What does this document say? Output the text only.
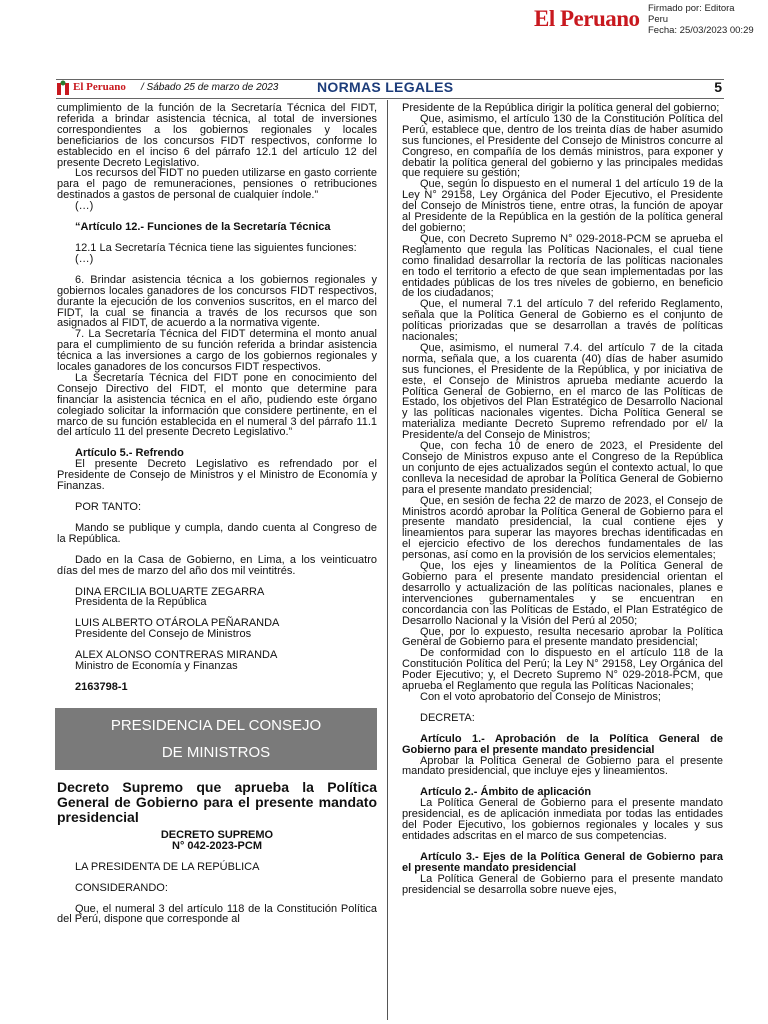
El Peruano Firmado por: Editora
Peru
Fecha: 25/03/2023 00:29
El Peruano / Sábado 25 de marzo de 2023	NORMAS LEGALES	5

cumplimiento de la función de la Secretaría Técnica del FIDT, referida a brindar asistencia técnica, al total de inversiones correspondientes a los gobiernos regionales y locales beneficiarios de los concursos FIDT respectivos, conforme lo establecido en el inciso 6 del párrafo 12.1 del artículo 12 del presente Decreto Legislativo.

Los recursos del FIDT no pueden utilizarse en gasto corriente para el pago de remuneraciones, pensiones o retribuciones destinados a gastos de personal de cualquier índole.”

(…)

“Artículo 12.- Funciones de la Secretaría Técnica

12.1 La Secretaría Técnica tiene las siguientes funciones:

(…)

6. Brindar asistencia técnica a los gobiernos regionales y gobiernos locales ganadores de los concursos FIDT respectivos, durante la ejecución de los convenios suscritos, en el marco del FIDT, la cual se financia a través de los recursos que son asignados al FIDT, de acuerdo a la normativa vigente.

7. La Secretaría Técnica del FIDT determina el monto anual para el cumplimiento de su función referida a brindar asistencia técnica a las inversiones a cargo de los gobiernos regionales y locales ganadores de los concursos FIDT respectivos.

La Secretaría Técnica del FIDT pone en conocimiento del Consejo Directivo del FIDT, el monto que determine para financiar la asistencia técnica en el año, pudiendo este órgano colegiado solicitar la información que considere pertinente, en el marco de su función establecida en el numeral 3 del párrafo 11.1 del artículo 11 del presente Decreto Legislativo.”

Artículo 5.- Refrendo

El presente Decreto Legislativo es refrendado por el Presidente de Consejo de Ministros y el Ministro de Economía y Finanzas.

POR TANTO:

Mando se publique y cumpla, dando cuenta al Congreso de la República.

Dado en la Casa de Gobierno, en Lima, a los veinticuatro días del mes de marzo del año dos mil veintitrés.

DINA ERCILIA BOLUARTE ZEGARRA

Presidenta de la República

LUIS ALBERTO OTÁROLA PEÑARANDA

Presidente del Consejo de Ministros

ALEX ALONSO CONTRERAS MIRANDA

Ministro de Economía y Finanzas

2163798-1

PRESIDENCIA DEL CONSEJO
DE MINISTROS

Decreto Supremo que aprueba la Política General de Gobierno para el presente mandato presidencial

DECRETO SUPREMO

N° 042-2023-PCM

LA PRESIDENTA DE LA REPÚBLICA

CONSIDERANDO:

Que, el numeral 3 del artículo 118 de la Constitución Política del Perú, dispone que corresponde al

Presidente de la República dirigir la política general del gobierno;

Que, asimismo, el artículo 130 de la Constitución Política del Perú, establece que, dentro de los treinta días de haber asumido sus funciones, el Presidente del Consejo de Ministros concurre al Congreso, en compañía de los demás ministros, para exponer y debatir la política general del gobierno y las principales medidas que requiere su gestión;

Que, según lo dispuesto en el numeral 1 del artículo 19 de la Ley N° 29158, Ley Orgánica del Poder Ejecutivo, el Presidente del Consejo de Ministros tiene, entre otras, la función de apoyar al Presidente de la República en la gestión de la política general del gobierno;

Que, con Decreto Supremo N° 029-2018-PCM se aprueba el Reglamento que regula las Políticas Nacionales, el cual tiene como finalidad desarrollar la rectoría de las políticas nacionales en todo el territorio a efecto de que sean implementadas por las entidades públicas de los tres niveles de gobierno, en beneficio de los ciudadanos;

Que, el numeral 7.1 del artículo 7 del referido Reglamento, señala que la Política General de Gobierno es el conjunto de políticas priorizadas que se desarrollan a través de políticas nacionales;

Que, asimismo, el numeral 7.4. del artículo 7 de la citada norma, señala que, a los cuarenta (40) días de haber asumido sus funciones, el Presidente de la República, y por iniciativa de este, el Consejo de Ministros aprueba mediante acuerdo la Política General de Gobierno, en el marco de las Políticas de Estado, los objetivos del Plan Estratégico de Desarrollo Nacional y las políticas nacionales vigentes. Dicha Política General se materializa mediante Decreto Supremo refrendado por el/ la Presidente/a del Consejo de Ministros;

Que, con fecha 10 de enero de 2023, el Presidente del Consejo de Ministros expuso ante el Congreso de la República un conjunto de ejes actualizados según el contexto actual, lo que conlleva la necesidad de aprobar la Política General de Gobierno para el presente mandato presidencial;

Que, en sesión de fecha 22 de marzo de 2023, el Consejo de Ministros acordó aprobar la Política General de Gobierno para el presente mandato presidencial, la cual contiene ejes y lineamientos para superar las mayores brechas identificadas en el ejercicio efectivo de los derechos fundamentales de las personas, así como en la provisión de los servicios elementales;

Que, los ejes y lineamientos de la Política General de Gobierno para el presente mandato presidencial orientan el desarrollo y actualización de las políticas nacionales, planes e intervenciones gubernamentales y se encuentran en concordancia con las Políticas de Estado, el Plan Estratégico de Desarrollo Nacional y la Visión del Perú al 2050;

Que, por lo expuesto, resulta necesario aprobar la Política General de Gobierno para el presente mandato presidencial;

De conformidad con lo dispuesto en el artículo 118 de la Constitución Política del Perú; la Ley N° 29158, Ley Orgánica del Poder Ejecutivo; y, el Decreto Supremo N° 029-2018-PCM, que aprueba el Reglamento que regula las Políticas Nacionales;

Con el voto aprobatorio del Consejo de Ministros;

DECRETA:

Artículo 1.- Aprobación de la Política General de Gobierno para el presente mandato presidencial

Aprobar la Política General de Gobierno para el presente mandato presidencial, que incluye ejes y lineamientos.

Artículo 2.- Ámbito de aplicación

La Política General de Gobierno para el presente mandato presidencial, es de aplicación inmediata por todas las entidades del Poder Ejecutivo, los gobiernos regionales y locales y sus entidades adscritas en el marco de sus competencias.

Artículo 3.- Ejes de la Política General de Gobierno para el presente mandato presidencial

La Política General de Gobierno para el presente mandato presidencial se desarrolla sobre nueve ejes,
